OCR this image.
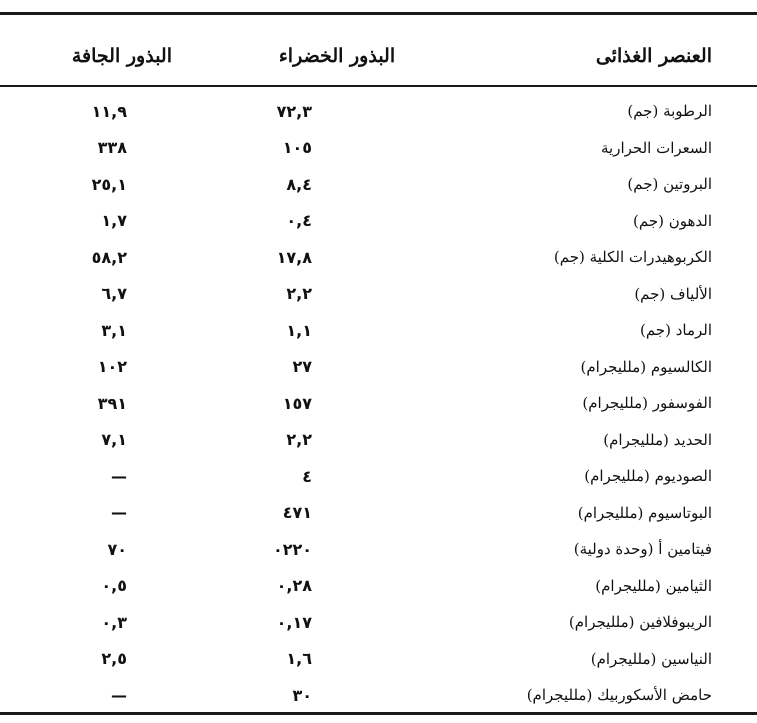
العنصر الغذائى
البذور الخضراء
البذور الجافة
الرطوبة (جم)
٧٢,٣
١١,٩
السعرات الحرارية
١٠٥
٣٣٨
البروتين (جم)
٨,٤
٢٥,١
الدهون (جم)
٠,٤
١,٧
الكربوهيدرات الكلية (جم)
١٧,٨
٥٨,٢
الألياف (جم)
٢,٢
٦,٧
الرماد (جم)
١,١
٣,١
الكالسيوم (ملليجرام)
٢٧
١٠٢
الفوسفور (ملليجرام)
١٥٧
٣٩١
الحديد (ملليجرام)
٢,٢
٧,١
الصوديوم (ملليجرام)
٤
—
البوتاسيوم (ملليجرام)
٤٧١
—
فيتامين أ (وحدة دولية)
٠٢٢٠
٧٠
الثيامين (ملليجرام)
٠,٢٨
٠,٥
الريبوفلافين (ملليجرام)
٠,١٧
٠,٣
النياسين (ملليجرام)
١,٦
٢,٥
حامض الأسكوربيك (ملليجرام)
٣٠
—
